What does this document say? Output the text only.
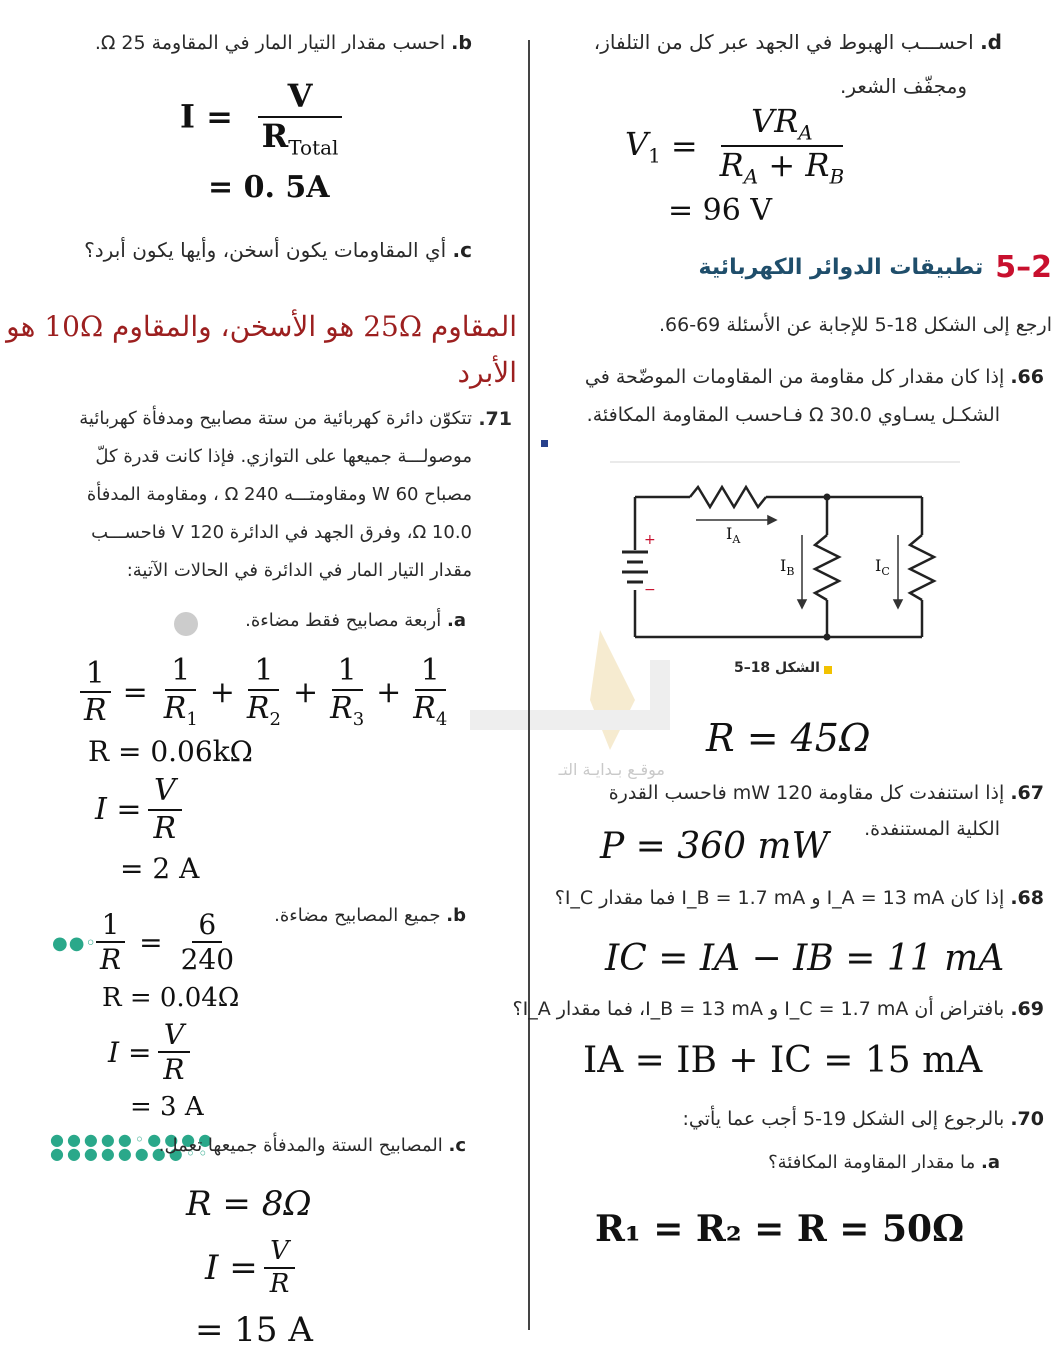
موقـع بـدايـة التـ
b. احسب مقدار التيار المار في المقاومة Ω 25.
$I = \frac{V}{R_{Total}}$
= 0. 5A
c. أي المقاومات يكون أسخن، وأيها يكون أبرد؟
المقاوم 25Ω هو الأسخن، والمقاوم 10Ω هو
الأبرد
71.
تتكوّن دائرة كهربائية من ستة مصابيح ومدفأة كهربائية
موصولـــة جميعها على التوازي. فإذا كانت قدرة كلّ
مصباح 60 W ومقاومتـــه Ω 240 ، ومقاومة المدفأة
Ω 10.0، وفرق الجهد في الدائرة 120 V فاحســـب
مقدار التيار المار في الدائرة في الحالات الآتية:
a. أربعة مصابيح فقط مضاءة.
$\frac{1}{R} = \frac{1}{R_1} + \frac{1}{R_2} + \frac{1}{R_3} + \frac{1}{R_4}$
R = 0.06kΩ
$I = \frac{V}{R}$
= 2 A
b. جميع المصابيح مضاءة.
●●◦
$\frac{1}{R} = \frac{6}{240}$
R = 0.04Ω
$I = \frac{V}{R}$
= 3 A
●●●●●◦●●●●
●●●●●●●●◦◦	c. المصابيح الستة والمدفأة جميعها تعمل.
R = 8Ω
$I = \frac{V}{R}$
= 15 A
d. احســـب الهبوط في الجهد عبر كل من التلفاز،
ومجفّف الشعر.
$V_1 = \frac{VR_A}{R_A + R_B}$
= 96 V
تطبيقات الدوائر الكهربائية 5–2
ارجع إلى الشكل 18-5 للإجابة عن الأسئلة 69-66.
66. إذا كان مقدار كل مقاومة من المقاومات الموضّحة في
الشكـل يسـاوي Ω 30.0 فـاحسب المقاومة المكافئة.
+
−
$I_A$
$I_B$	$I_C$
الشكل 18–5
R = 45Ω
67. إذا استنفدت كل مقاومة 120 mW فاحسب القدرة
الكلية المستنفدة.
P = 360 mW
68. إذا كان I_A = 13 mA و I_B = 1.7 mA فما مقدار I_C؟
IC = IA − IB = 11 mA
69. بافتراض أن I_C = 1.7 mA و I_B = 13 mA، فما مقدار I_A؟
IA = IB + IC = 15 mA
70. بالرجوع إلى الشكل 19-5 أجب عما يأتي:
a. ما مقدار المقاومة المكافئة؟
R₁ = R₂ = R = 50Ω
